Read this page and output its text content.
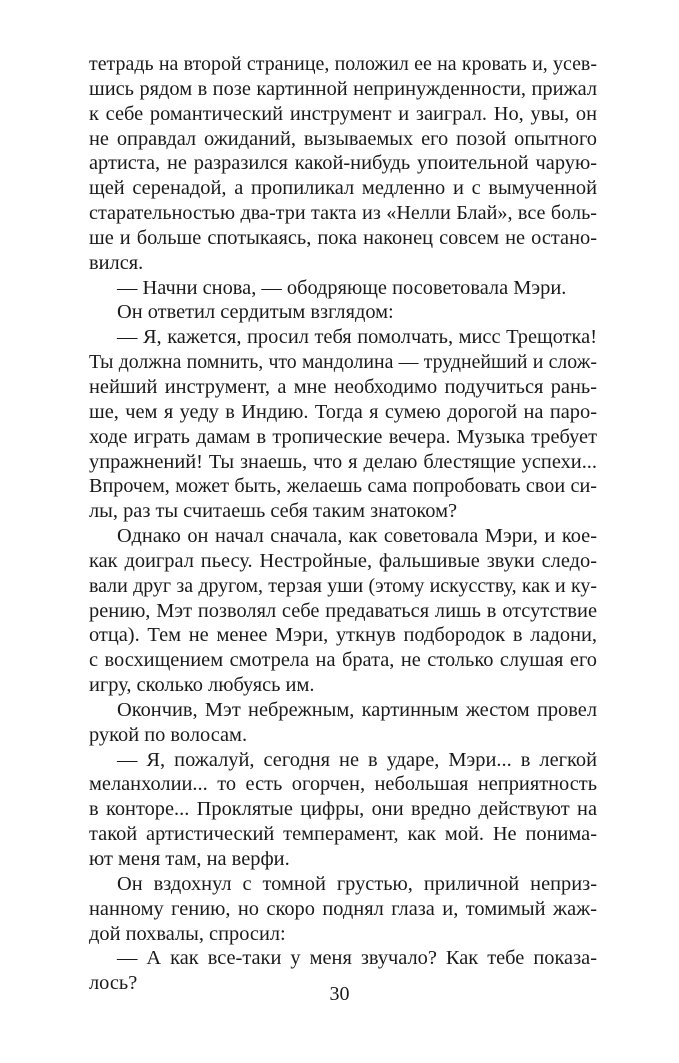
тетрадь на второй странице, положил ее на кровать и, усев-
шись рядом в позе картинной непринужденности, прижал
к себе романтический инструмент и заиграл. Но, увы, он
не оправдал ожиданий, вызываемых его позой опытного
артиста, не разразился какой-нибудь упоительной чарую-
щей серенадой, а пропиликал медленно и с вымученной
старательностью два-три такта из «Нелли Блай», все боль-
ше и больше спотыкаясь, пока наконец совсем не остано-
вился.
— Начни снова, — ободряюще посоветовала Мэри.
Он ответил сердитым взглядом:
— Я, кажется, просил тебя помолчать, мисс Трещотка!
Ты должна помнить, что мандолина — труднейший и слож-
нейший инструмент, а мне необходимо подучиться рань-
ше, чем я уеду в Индию. Тогда я сумею дорогой на паро-
ходе играть дамам в тропические вечера. Музыка требует
упражнений! Ты знаешь, что я делаю блестящие успехи...
Впрочем, может быть, желаешь сама попробовать свои си-
лы, раз ты считаешь себя таким знатоком?
Однако он начал сначала, как советовала Мэри, и кое-
как доиграл пьесу. Нестройные, фальшивые звуки следо-
вали друг за другом, терзая уши (этому искусству, как и ку-
рению, Мэт позволял себе предаваться лишь в отсутствие
отца). Тем не менее Мэри, уткнув подбородок в ладони,
с восхищением смотрела на брата, не столько слушая его
игру, сколько любуясь им.
Окончив, Мэт небрежным, картинным жестом провел
рукой по волосам.
— Я, пожалуй, сегодня не в ударе, Мэри... в легкой
меланхолии... то есть огорчен, небольшая неприятность
в конторе... Проклятые цифры, они вредно действуют на
такой артистический темперамент, как мой. Не понима-
ют меня там, на верфи.
Он вздохнул с томной грустью, приличной неприз-
нанному гению, но скоро поднял глаза и, томимый жаж-
дой похвалы, спросил:
— А как все-таки у меня звучало? Как тебе показа-
лось?	30
